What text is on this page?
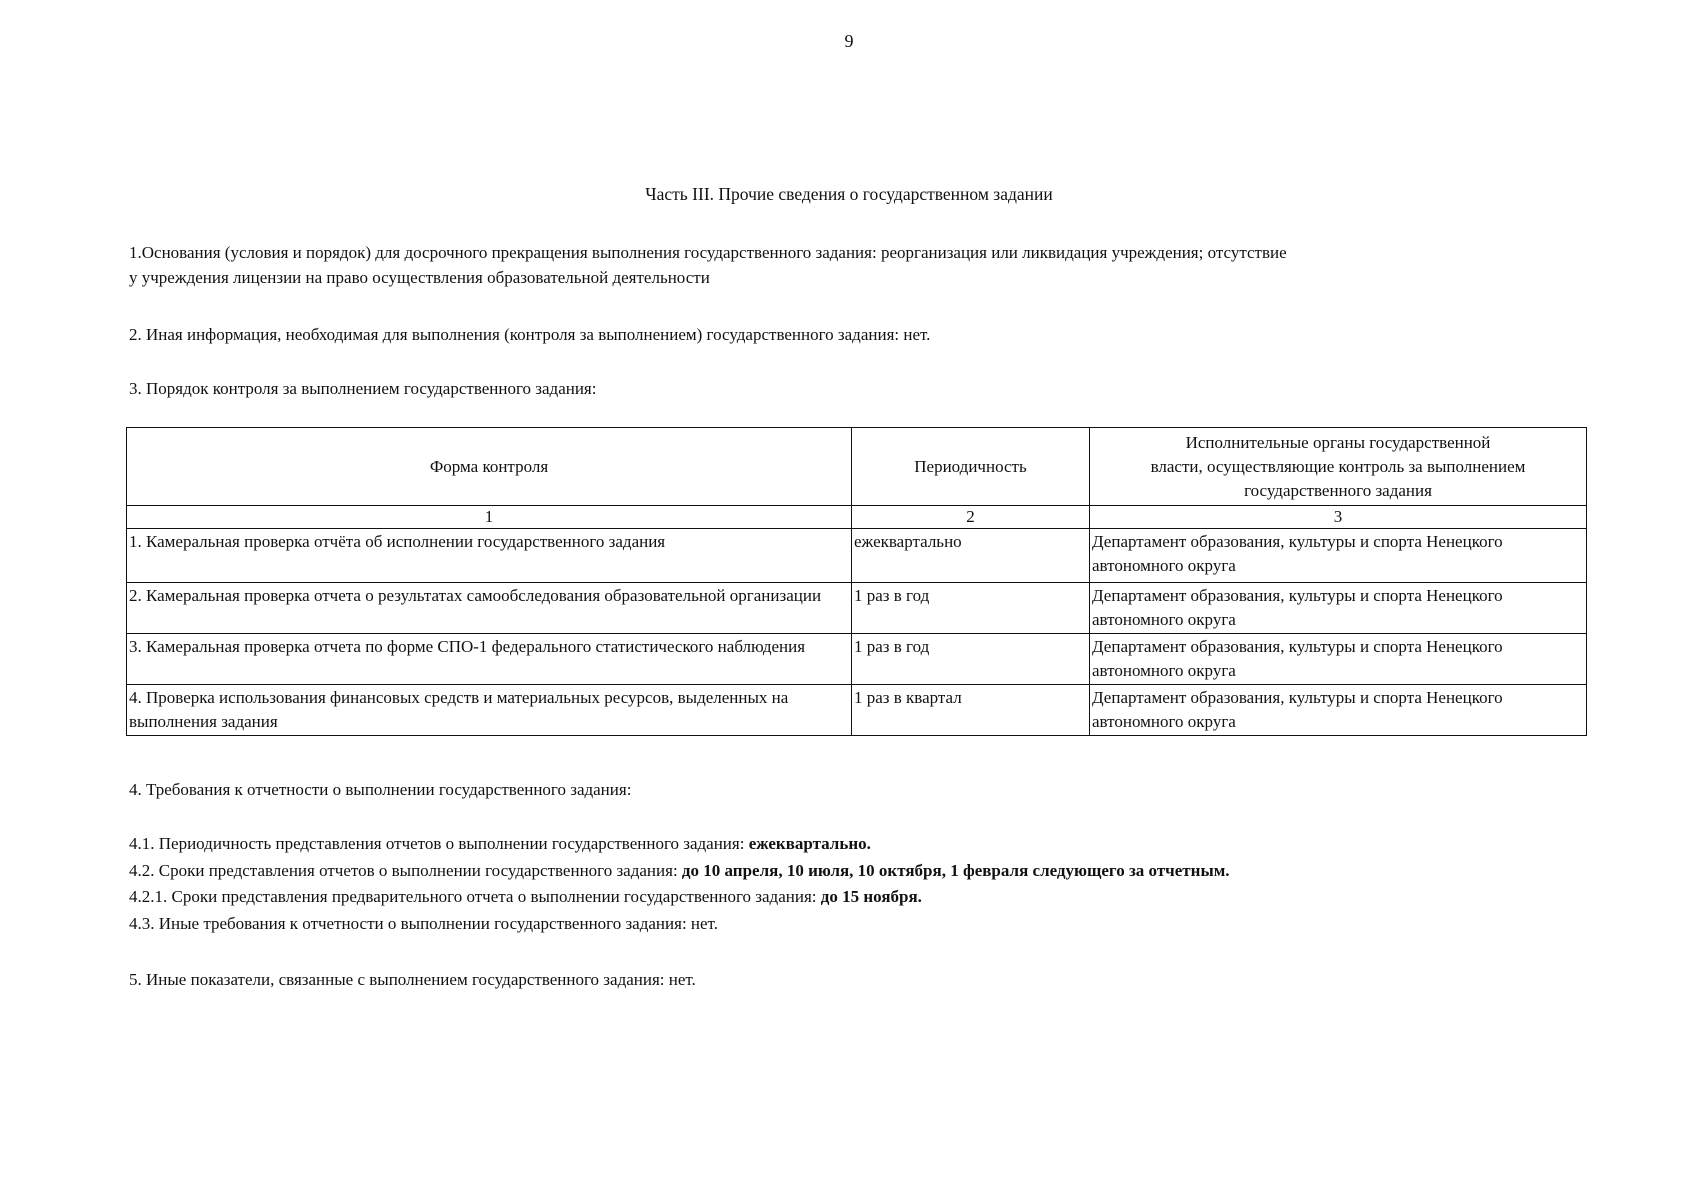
9
Часть III. Прочие сведения о государственном задании
1.Основания (условия и порядок) для досрочного прекращения выполнения государственного задания: реорганизация или ликвидация учреждения; отсутствие
у учреждения лицензии на право осуществления образовательной деятельности
2. Иная информация, необходимая для выполнения (контроля за выполнением) государственного задания: нет.
3. Порядок контроля за выполнением государственного задания:
Форма контроля	Периодичность	Исполнительные органы государственной
власти, осуществляющие контроль за выполнением
государственного задания

1	2	3
1. Камеральная проверка отчёта об исполнении государственного задания	ежеквартально	Департамент образования, культуры и спорта Ненецкого автономного округа
2. Камеральная проверка отчета о результатах самообследования образовательной организации	1 раз в год	Департамент образования, культуры и спорта Ненецкого автономного округа
3. Камеральная проверка отчета по форме СПО-1 федерального статистического наблюдения	1 раз в год	Департамент образования, культуры и спорта Ненецкого автономного округа
4. Проверка использования финансовых средств и материальных ресурсов, выделенных на выполнения задания	1 раз в квартал	Департамент образования, культуры и спорта Ненецкого автономного округа
4. Требования к отчетности о выполнении государственного задания:
4.1. Периодичность представления отчетов о выполнении государственного задания: ежеквартально.
4.2. Сроки представления отчетов о выполнении государственного задания: до 10 апреля, 10 июля, 10 октября, 1 февраля следующего за отчетным.
4.2.1. Сроки представления предварительного отчета о выполнении государственного задания: до 15 ноября.
4.3. Иные требования к отчетности о выполнении государственного задания: нет.
5. Иные показатели, связанные с выполнением государственного задания: нет.
